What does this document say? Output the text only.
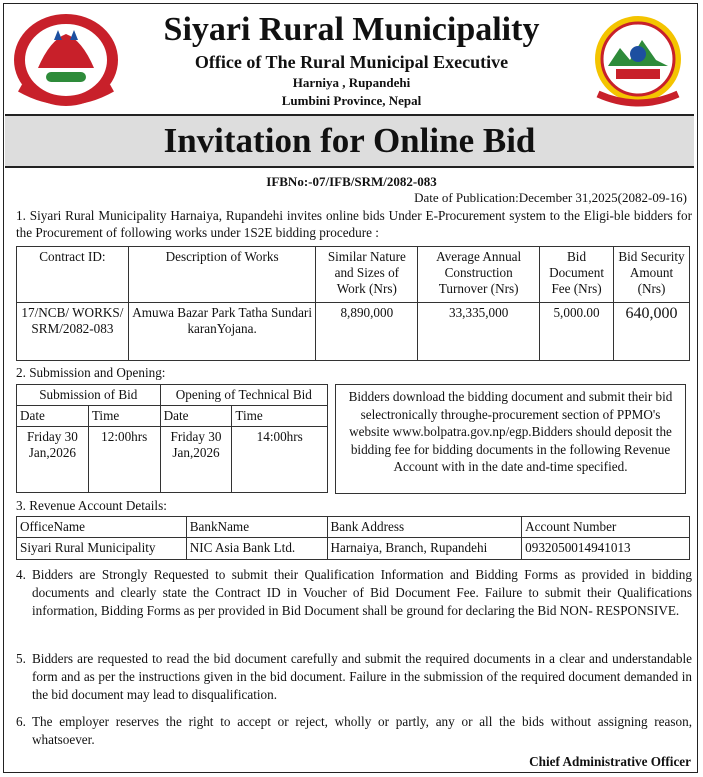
Siyari Rural Municipality
Office of The Rural Municipal Executive
Harniya , Rupandehi
Lumbini Province, Nepal
Invitation for Online Bid
IFBNo:-07/IFB/SRM/2082-083
Date of Publication:December 31,2025(2082-09-16)
1. Siyari Rural Municipality Harnaiya, Rupandehi invites online bids Under E-Procurement system to the Eligi-ble bidders for the Procurement of following works under 1S2E bidding procedure :
Contract ID:	Description of Works	Similar Nature and Sizes of Work (Nrs)	Average Annual Construction Turnover (Nrs)	Bid Document Fee (Nrs)	Bid Security Amount (Nrs)
17/NCB/ WORKS/ SRM/2082-083	Amuwa Bazar Park Tatha Sundari karanYojana.	8,890,000	33,335,000	5,000.00	640,000
2. Submission and Opening:
Submission of Bid		Opening of Technical Bid	
Date	Time	Date	Time
Friday 30 Jan,2026	12:00hrs	Friday 30 Jan,2026	14:00hrs
Bidders download the bidding document and submit their bid selectronically throughe-procurement section of PPMO's website www.bolpatra.gov.np/egp.Bidders should deposit the bidding fee for bidding documents in the following Revenue Account with in the date and-time specified.
3. Revenue Account Details:
OfficeName	BankName	Bank Address	Account Number
Siyari Rural Municipality	NIC Asia Bank Ltd.	Harnaiya, Branch, Rupandehi	0932050014941013
4. Bidders are Strongly Requested to submit their Qualification Information and Bidding Forms as provided in bidding documents and clearly state the Contract ID in Voucher of Bid Document Fee. Failure to submit their Qualifications information, Bidding Forms as per provided in Bid Document shall be ground for declaring the Bid NON- RESPONSIVE.
5. Bidders are requested to read the bid document carefully and submit the required documents in a clear and understandable form and as per the instructions given in the bid document. Failure in the submission of the required document demanded in the bid document may lead to disqualification.
6. The employer reserves the right to accept or reject, wholly or partly, any or all the bids without assigning reason, whatsoever.
Chief Administrative Officer
